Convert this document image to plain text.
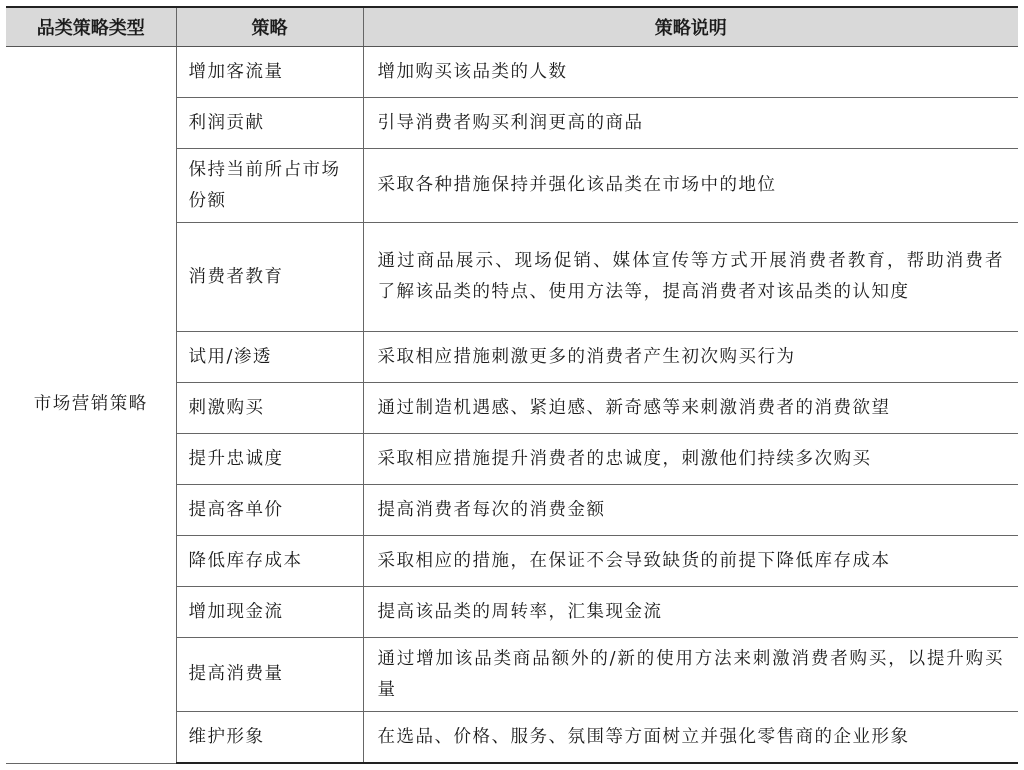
品类策略类型	策略	策略说明
市场营销策略	增加客流量	增加购买该品类的人数
	利润贡献	引导消费者购买利润更高的商品
	保持当前所占市场份额	采取各种措施保持并强化该品类在市场中的地位
	消费者教育	通过商品展示、现场促销、媒体宣传等方式开展消费者教育，帮助消费者了解该品类的特点、使用方法等，提高消费者对该品类的认知度
	试用/渗透	采取相应措施刺激更多的消费者产生初次购买行为
	刺激购买	通过制造机遇感、紧迫感、新奇感等来刺激消费者的消费欲望
	提升忠诚度	采取相应措施提升消费者的忠诚度，刺激他们持续多次购买
	提高客单价	提高消费者每次的消费金额
	降低库存成本	采取相应的措施，在保证不会导致缺货的前提下降低库存成本
	增加现金流	提高该品类的周转率，汇集现金流
	提高消费量	通过增加该品类商品额外的/新的使用方法来刺激消费者购买，以提升购买量
	维护形象	在选品、价格、服务、氛围等方面树立并强化零售商的企业形象
